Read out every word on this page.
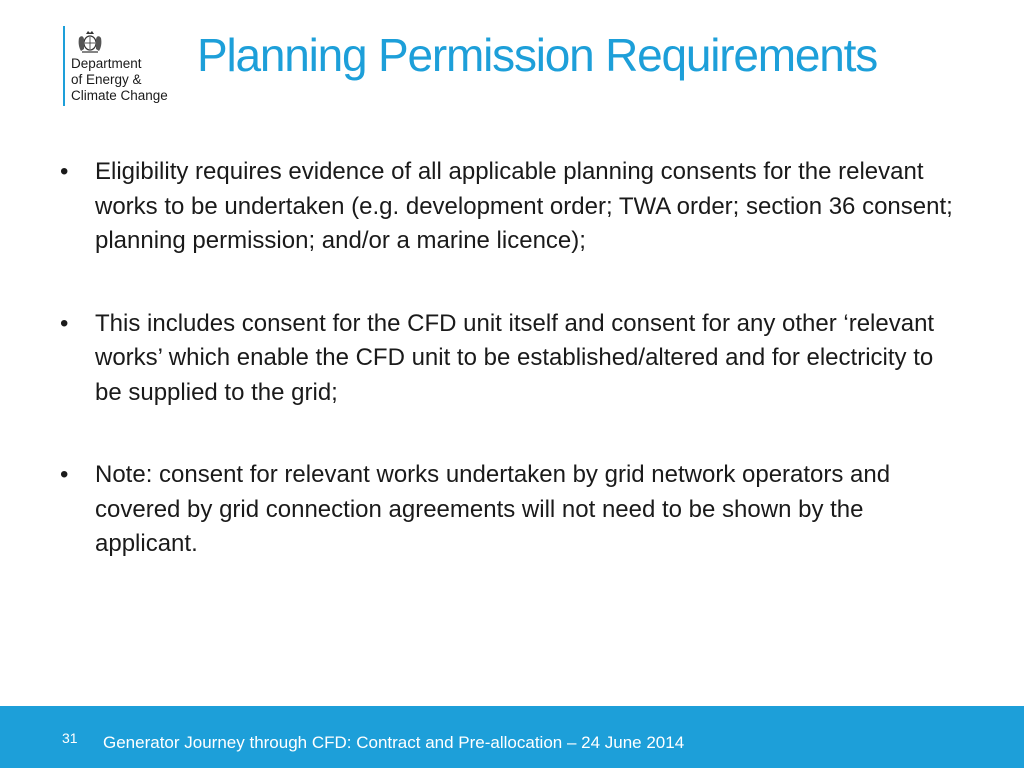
Department
of Energy &
Climate Change
Planning Permission Requirements
• Eligibility requires evidence of all applicable planning consents for the relevant works to be undertaken (e.g. development order; TWA order; section 36 consent; planning permission; and/or a marine licence);
• This includes consent for the CFD unit itself and consent for any other ‘relevant works’ which enable the CFD unit to be established/altered and for electricity to be supplied to the grid;
• Note: consent for relevant works undertaken by grid network operators and covered by grid connection agreements will not need to be shown by the applicant.
31 Generator Journey through CFD: Contract and Pre-allocation – 24 June 2014
